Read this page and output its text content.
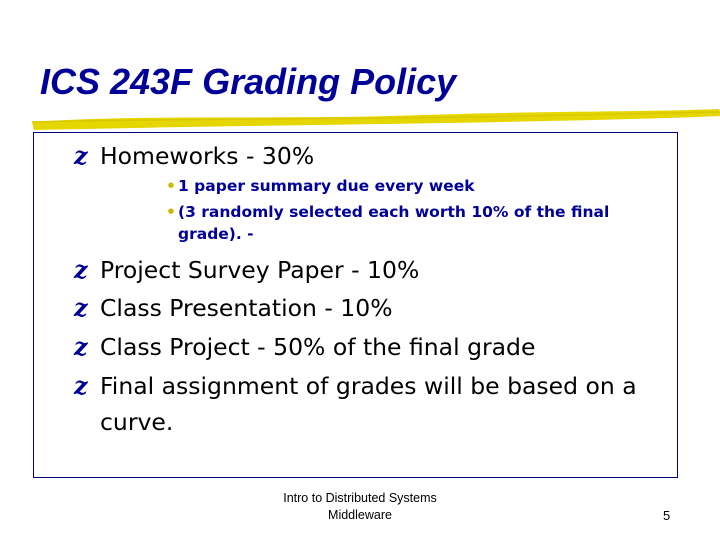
ICS 243F Grading Policy
z Homeworks - 30%
• 1 paper summary due every week
• (3 randomly selected each worth 10% of the final
grade). -
z Project Survey Paper - 10%
z Class Presentation - 10%
z Class Project - 50% of the final grade
z Final assignment of grades will be based on a
curve.
Intro to Distributed Systems
Middleware	5
